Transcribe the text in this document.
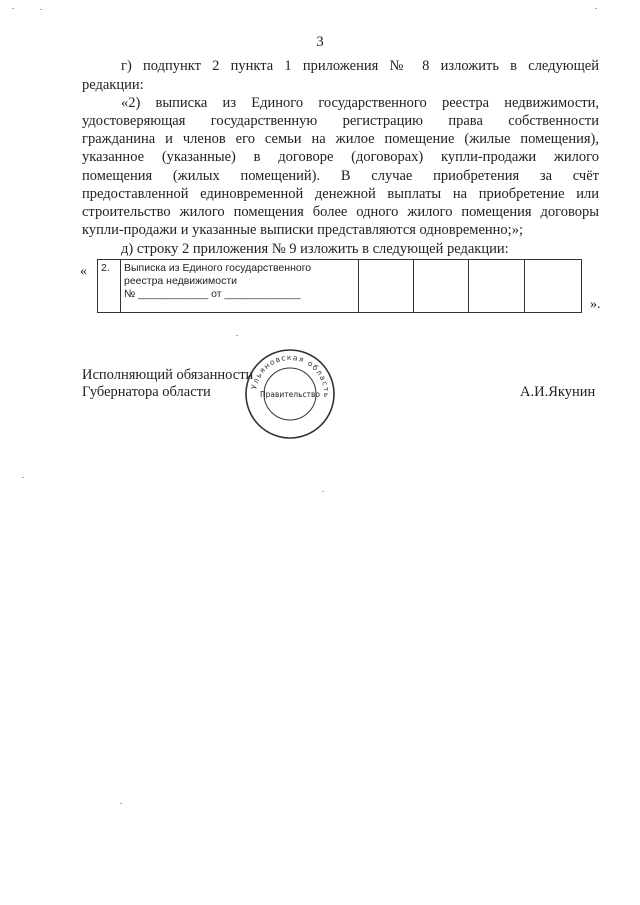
3
г) подпункт 2 пункта 1 приложения № 8 изложить в следующей
редакции:
«2) выписка из Единого государственного реестра недвижимости,
удостоверяющая государственную регистрацию права собственности
гражданина и членов его семьи на жилое помещение (жилые помещения),
указанное (указанные) в договоре (договорах) купли-продажи жилого
помещения (жилых помещений). В случае приобретения за счёт
предоставленной единовременной денежной выплаты на приобретение или
строительство жилого помещения более одного жилого помещения договоры
купли-продажи и указанные выписки представляются одновременно;»;
д) строку 2 приложения № 9 изложить в следующей редакции:
« 2.	Выписка из Единого государственного
реестра недвижимости
№ ____________ от _____________

».
Исполняющий обязанности
Губернатора области	А.И.Якунин
Ульяновская область
Правительство
